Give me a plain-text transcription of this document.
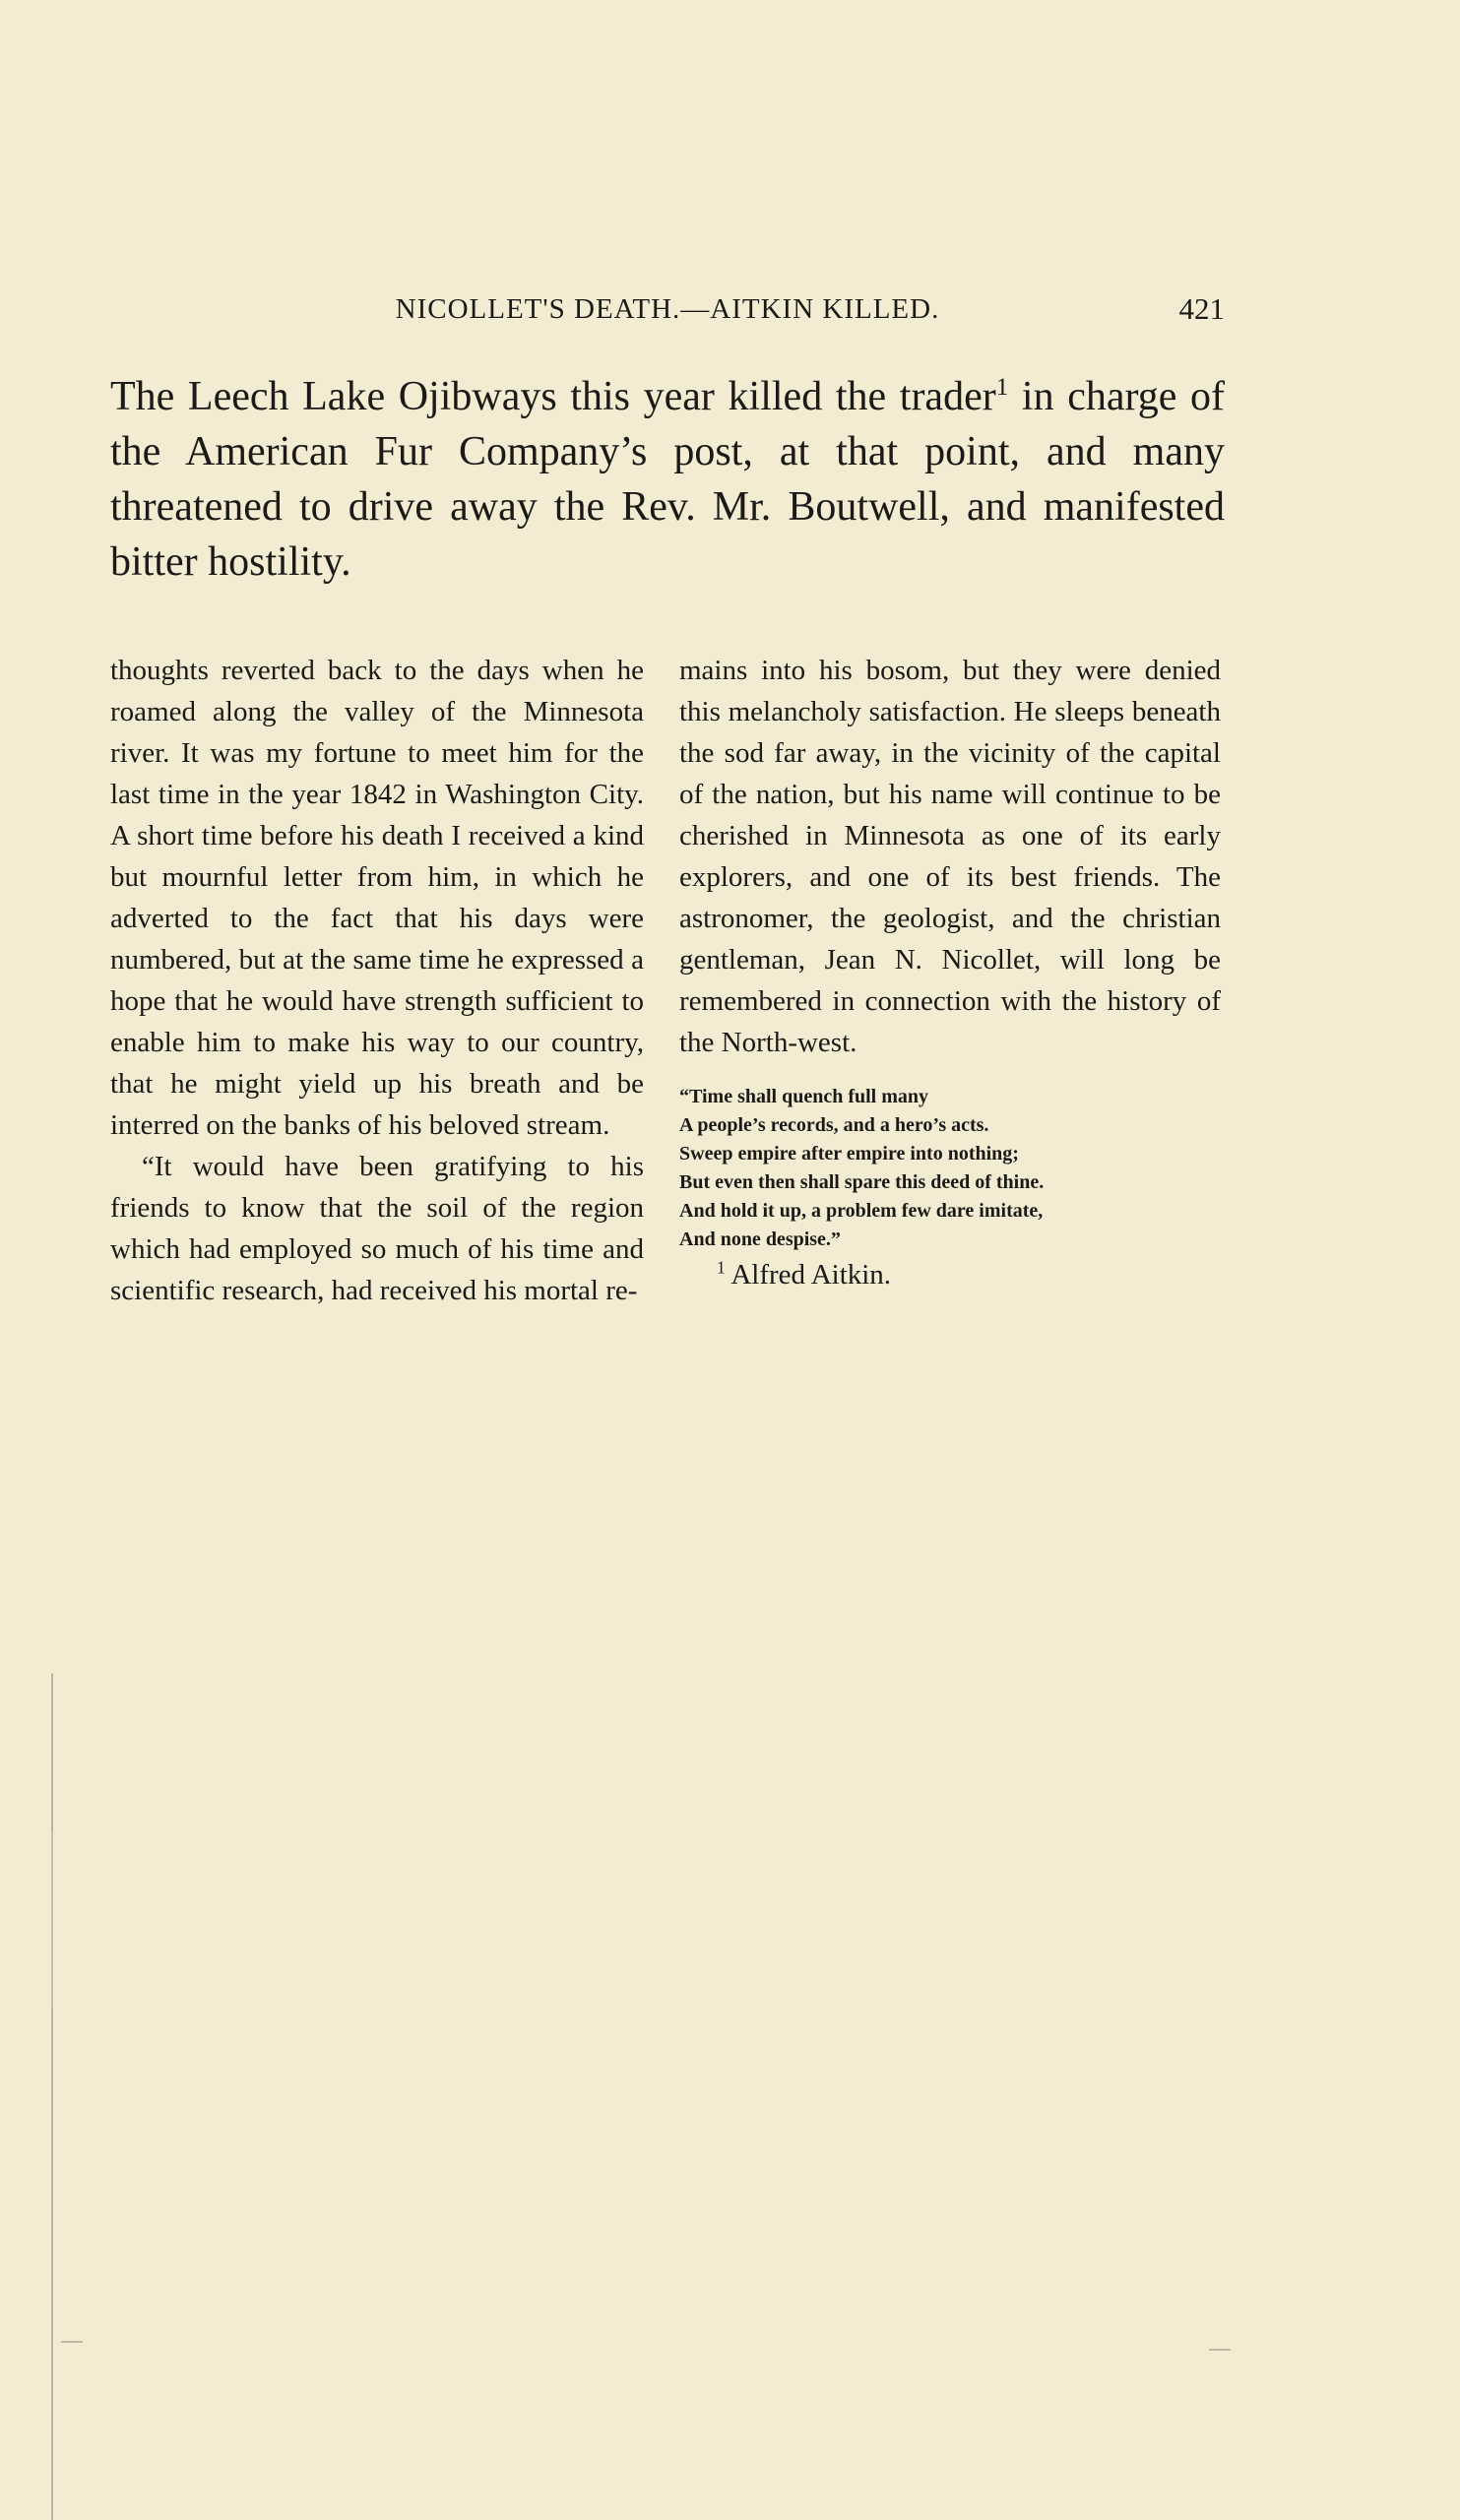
NICOLLET'S DEATH.—AITKIN KILLED.	421

The Leech Lake Ojibways this year killed the trader$^1$ in charge of the American Fur Company’s post, at that point, and many threatened to drive away the Rev. Mr. Boutwell, and manifested bitter hostility.

thoughts reverted back to the days when he roamed along the valley of the Minnesota river. It was my fortune to meet him for the last time in the year 1842 in Washington City. A short time before his death I received a kind but mournful letter from him, in which he adverted to the fact that his days were numbered, but at the same time he expressed a hope that he would have strength sufficient to enable him to make his way to our country, that he might yield up his breath and be interred on the banks of his beloved stream.

“It would have been gratifying to his friends to know that the soil of the region which had employed so much of his time and scientific research, had received his mortal re-

mains into his bosom, but they were denied this melancholy satisfaction. He sleeps beneath the sod far away, in the vicinity of the capital of the nation, but his name will continue to be cherished in Minnesota as one of its early explorers, and one of its best friends. The astronomer, the geologist, and the christian gentleman, Jean N. Nicollet, will long be remembered in connection with the history of the North-west.

“Time shall quench full many
A people’s records, and a hero’s acts.
Sweep empire after empire into nothing;
But even then shall spare this deed of thine.
And hold it up, a problem few dare imitate,
And none despise.”

$^1$ Alfred Aitkin.
